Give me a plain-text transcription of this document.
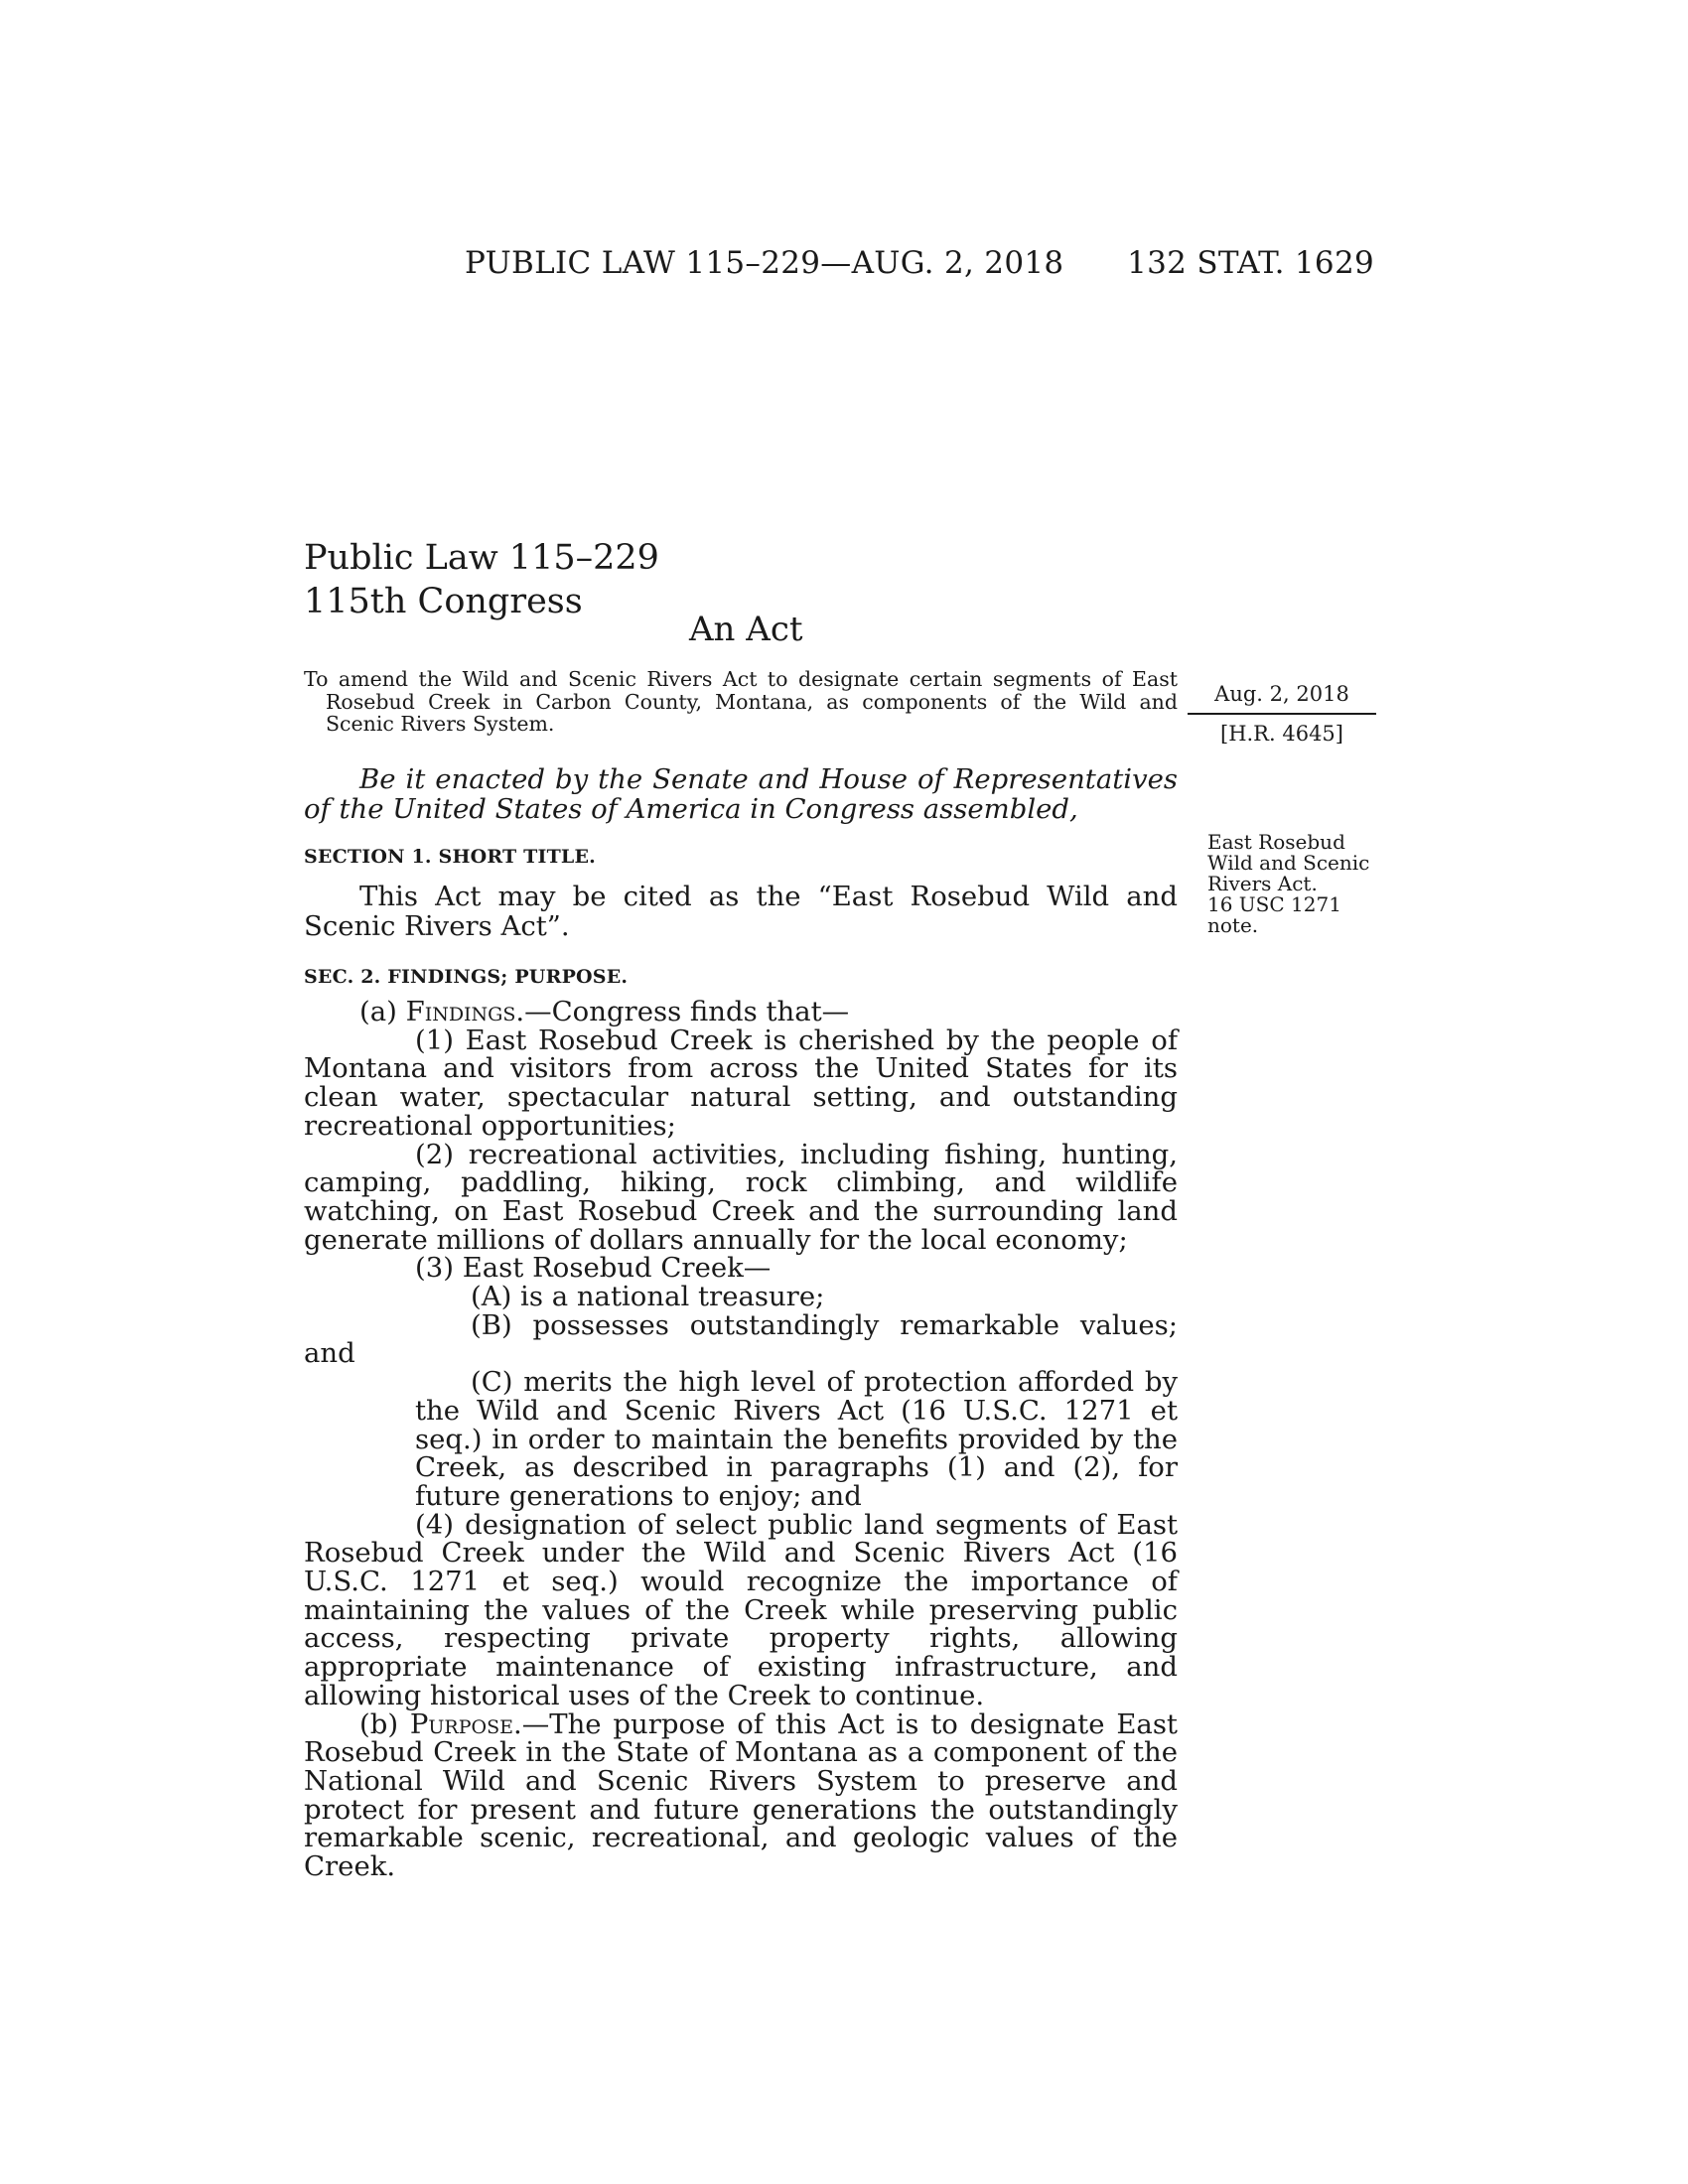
PUBLIC LAW 115–229—AUG. 2, 2018 132 STAT. 1629
Public Law 115–229
115th Congress
An Act
To amend the Wild and Scenic Rivers Act to designate certain segments of East Rosebud Creek in Carbon County, Montana, as components of the Wild and Scenic Rivers System.
Aug. 2, 2018
[H.R. 4645]
East Rosebud
Wild and Scenic
Rivers Act.
16 USC 1271
note.
Be it enacted by the Senate and House of Representatives of the United States of America in Congress assembled,
SECTION 1. SHORT TITLE.
This Act may be cited as the “East Rosebud Wild and Scenic Rivers Act”.
SEC. 2. FINDINGS; PURPOSE.

(a) Findings.—Congress finds that—

(1) East Rosebud Creek is cherished by the people of Montana and visitors from across the United States for its clean water, spectacular natural setting, and outstanding recreational opportunities;

(2) recreational activities, including fishing, hunting, camping, paddling, hiking, rock climbing, and wildlife watching, on East Rosebud Creek and the surrounding land generate millions of dollars annually for the local economy;

(3) East Rosebud Creek—

(A) is a national treasure;

(B) possesses outstandingly remarkable values; and

(C) merits the high level of protection afforded by the Wild and Scenic Rivers Act (16 U.S.C. 1271 et seq.) in order to maintain the benefits provided by the Creek, as described in paragraphs (1) and (2), for future generations to enjoy; and

(4) designation of select public land segments of East Rosebud Creek under the Wild and Scenic Rivers Act (16 U.S.C. 1271 et seq.) would recognize the importance of maintaining the values of the Creek while preserving public access, respecting private property rights, allowing appropriate maintenance of existing infrastructure, and allowing historical uses of the Creek to continue.

(b) Purpose.—The purpose of this Act is to designate East Rosebud Creek in the State of Montana as a component of the National Wild and Scenic Rivers System to preserve and protect for present and future generations the outstandingly remarkable scenic, recreational, and geologic values of the Creek.
